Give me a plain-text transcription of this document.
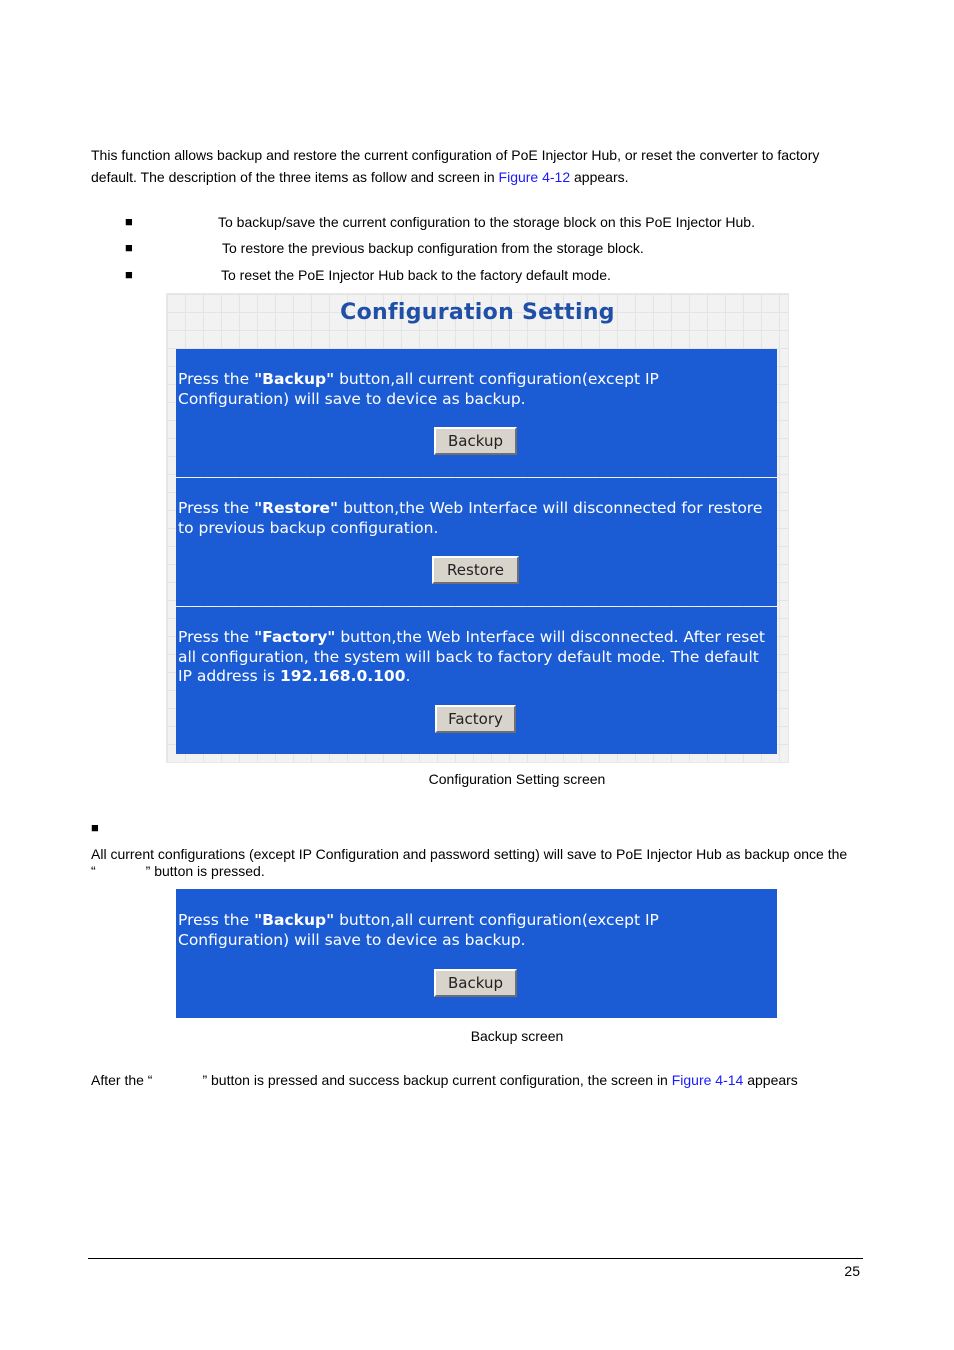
This function allows backup and restore the current configuration of PoE Injector Hub, or reset the converter to factory
default. The description of the three items as follow and screen in Figure 4-12 appears.
■	To backup/save the current configuration to the storage block on this PoE Injector Hub.
■	To restore the previous backup configuration from the storage block.
■	To reset the PoE Injector Hub back to the factory default mode.
Configuration Setting
Press the "Backup" button,all current configuration(except IP Configuration) will save to device as backup.
Backup
Press the "Restore" button,the Web Interface will disconnected for restore to previous backup configuration.
Restore
Press the "Factory" button,the Web Interface will disconnected. After reset all configuration, the system will back to factory default mode. The default IP address is 192.168.0.100.
Factory
Configuration Setting screen
■
All current configurations (except IP Configuration and password setting) will save to PoE Injector Hub as backup once the
“	” button is pressed.
Press the "Backup" button,all current configuration(except IP Configuration) will save to device as backup.
Backup
Backup screen
After the “	” button is pressed and success backup current configuration, the screen in Figure 4-14 appears
25
